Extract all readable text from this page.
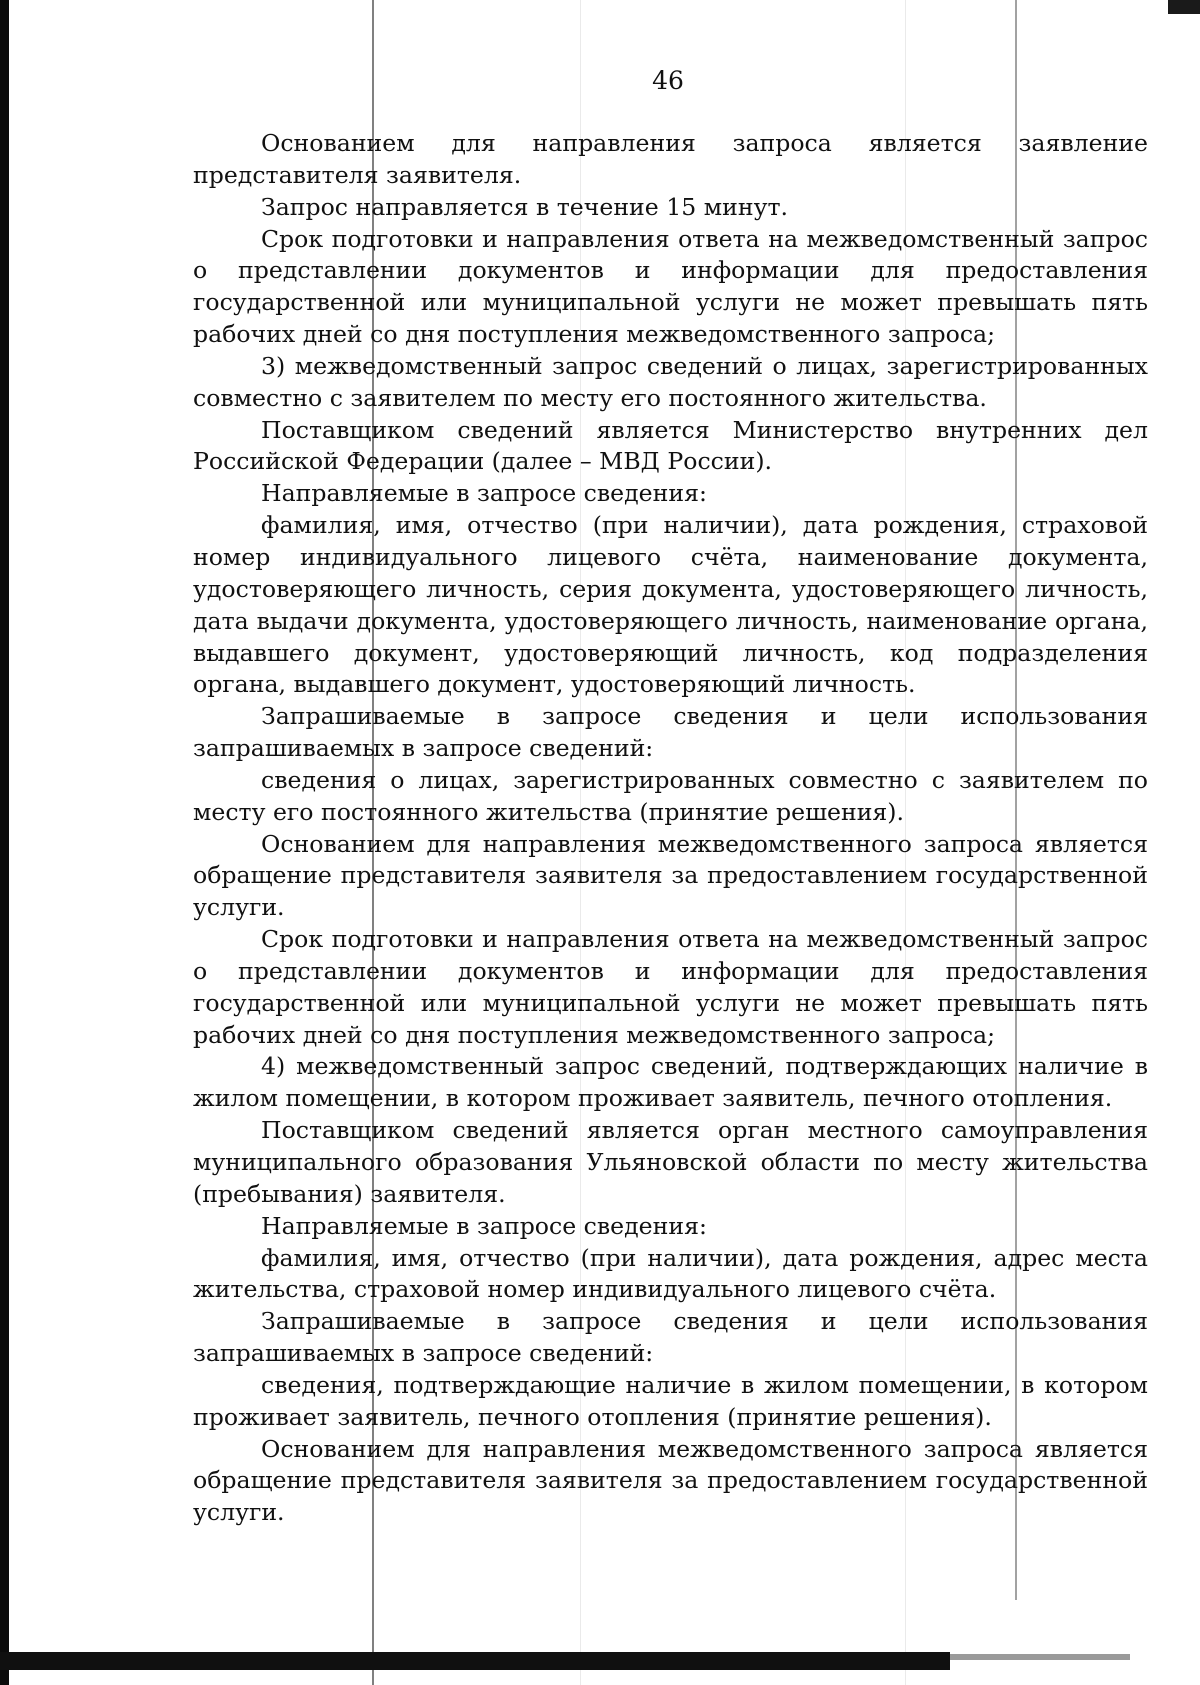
46

Основанием для направления запроса является заявление представителя заявителя.

Запрос направляется в течение 15 минут.

Срок подготовки и направления ответа на межведомственный запрос о представлении документов и информации для предоставления государственной или муниципальной услуги не может превышать пять рабочих дней со дня поступления межведомственного запроса;

3) межведомственный запрос сведений о лицах, зарегистрированных совместно с заявителем по месту его постоянного жительства.

Поставщиком сведений является Министерство внутренних дел Российской Федерации (далее – МВД России).

Направляемые в запросе сведения:

фамилия, имя, отчество (при наличии), дата рождения, страховой номер индивидуального лицевого счёта, наименование документа, удостоверяющего личность, серия документа, удостоверяющего личность, дата выдачи документа, удостоверяющего личность, наименование органа, выдавшего документ, удостоверяющий личность, код подразделения органа, выдавшего документ, удостоверяющий личность.

Запрашиваемые в запросе сведения и цели использования запрашиваемых в запросе сведений:

сведения о лицах, зарегистрированных совместно с заявителем по месту его постоянного жительства (принятие решения).

Основанием для направления межведомственного запроса является обращение представителя заявителя за предоставлением государственной услуги.

Срок подготовки и направления ответа на межведомственный запрос о представлении документов и информации для предоставления государственной или муниципальной услуги не может превышать пять рабочих дней со дня поступления межведомственного запроса;

4) межведомственный запрос сведений, подтверждающих наличие в жилом помещении, в котором проживает заявитель, печного отопления.

Поставщиком сведений является орган местного самоуправления муниципального образования Ульяновской области по месту жительства (пребывания) заявителя.

Направляемые в запросе сведения:

фамилия, имя, отчество (при наличии), дата рождения, адрес места жительства, страховой номер индивидуального лицевого счёта.

Запрашиваемые в запросе сведения и цели использования запрашиваемых в запросе сведений:

сведения, подтверждающие наличие в жилом помещении, в котором проживает заявитель, печного отопления (принятие решения).

Основанием для направления межведомственного запроса является обращение представителя заявителя за предоставлением государственной услуги.
